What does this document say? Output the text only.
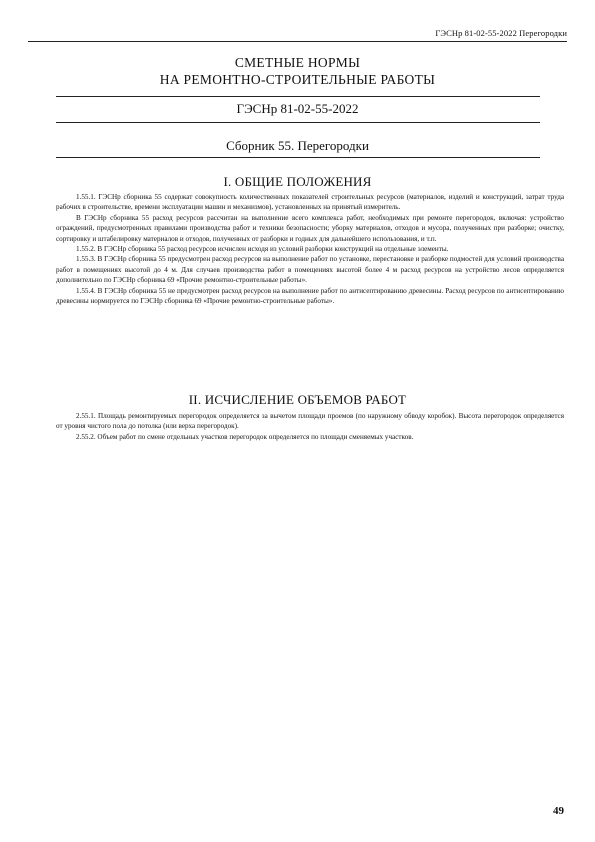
ГЭСНр 81-02-55-2022 Перегородки
СМЕТНЫЕ НОРМЫ
НА РЕМОНТНО-СТРОИТЕЛЬНЫЕ РАБОТЫ
ГЭСНр 81-02-55-2022
Сборник 55. Перегородки
I. ОБЩИЕ ПОЛОЖЕНИЯ

1.55.1. ГЭСНр сборника 55 содержат совокупность количественных показателей строительных ресурсов (материалов, изделий и конструкций, затрат труда рабочих в строительстве, времени эксплуатации машин и механизмов), установленных на принятый измеритель.

В ГЭСНр сборника 55 расход ресурсов рассчитан на выполнение всего комплекса работ, необходимых при ремонте перегородок, включая: устройство ограждений, предусмотренных правилами производства работ и техники безопасности; уборку материалов, отходов и мусора, полученных при разборке; очистку, сортировку и штабелировку материалов и отходов, полученных от разборки и годных для дальнейшего использования, и т.п.

1.55.2. В ГЭСНр сборника 55 расход ресурсов исчислен исходя из условий разборки конструкций на отдельные элементы.

1.55.3. В ГЭСНр сборника 55 предусмотрен расход ресурсов на выполнение работ по установке, перестановке и разборке подмостей для условий производства работ в помещениях высотой до 4 м. Для случаев производства работ в помещениях высотой более 4 м расход ресурсов на устройство лесов определяется дополнительно по ГЭСНр сборника 69 «Прочие ремонтно-строительные работы».

1.55.4. В ГЭСНр сборника 55 не предусмотрен расход ресурсов на выполнение работ по антисептированию древесины. Расход ресурсов по антисептированию древесины нормируется по ГЭСНр сборника 69 «Прочие ремонтно-строительные работы».

II. ИСЧИСЛЕНИЕ ОБЪЕМОВ РАБОТ

2.55.1. Площадь ремонтируемых перегородок определяется за вычетом площади проемов (по наружному обводу коробок). Высота перегородок определяется от уровня чистого пола до потолка (или верха перегородок).

2.55.2. Объем работ по смене отдельных участков перегородок определяется по площади сменяемых участков.

49
